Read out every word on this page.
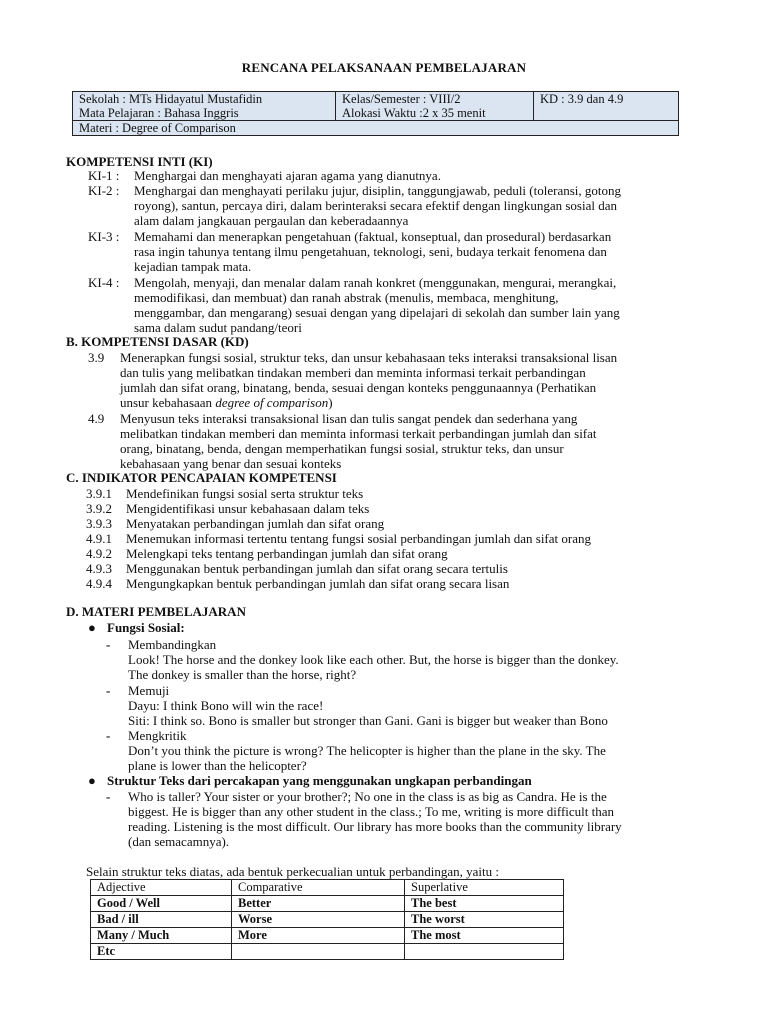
RENCANA PELAKSANAAN PEMBELAJARAN
Sekolah : MTs Hidayatul Mustafidin	Kelas/Semester : VIII/2	KD : 3.9 dan 4.9
Mata Pelajaran : Bahasa Inggris	Alokasi Waktu :2 x 35 menit	
Materi : Degree of Comparison		
KOMPETENSI INTI (KI)
KI-1 : Menghargai dan menghayati ajaran agama yang dianutnya.
KI-2 : Menghargai dan menghayati perilaku jujur, disiplin, tanggungjawab, peduli (toleransi, gotong
royong), santun, percaya diri, dalam berinteraksi secara efektif dengan lingkungan sosial dan
alam dalam jangkauan pergaulan dan keberadaannya
KI-3 : Memahami dan menerapkan pengetahuan (faktual, konseptual, dan prosedural) berdasarkan
rasa ingin tahunya tentang ilmu pengetahuan, teknologi, seni, budaya terkait fenomena dan
kejadian tampak mata.
KI-4 : Mengolah, menyaji, dan menalar dalam ranah konkret (menggunakan, mengurai, merangkai,
memodifikasi, dan membuat) dan ranah abstrak (menulis, membaca, menghitung,
menggambar, dan mengarang) sesuai dengan yang dipelajari di sekolah dan sumber lain yang
sama dalam sudut pandang/teori
B. KOMPETENSI DASAR (KD)
3.9 Menerapkan fungsi sosial, struktur teks, dan unsur kebahasaan teks interaksi transaksional lisan
dan tulis yang melibatkan tindakan memberi dan meminta informasi terkait perbandingan
jumlah dan sifat orang, binatang, benda, sesuai dengan konteks penggunaannya (Perhatikan
unsur kebahasaan degree of comparison)
4.9 Menyusun teks interaksi transaksional lisan dan tulis sangat pendek dan sederhana yang
melibatkan tindakan memberi dan meminta informasi terkait perbandingan jumlah dan sifat
orang, binatang, benda, dengan memperhatikan fungsi sosial, struktur teks, dan unsur
kebahasaan yang benar dan sesuai konteks
C. INDIKATOR PENCAPAIAN KOMPETENSI
3.9.1 Mendefinikan fungsi sosial serta struktur teks
3.9.2 Mengidentifikasi unsur kebahasaan dalam teks
3.9.3 Menyatakan perbandingan jumlah dan sifat orang
4.9.1 Menemukan informasi tertentu tentang fungsi sosial perbandingan jumlah dan sifat orang
4.9.2 Melengkapi teks tentang perbandingan jumlah dan sifat orang
4.9.3 Menggunakan bentuk perbandingan jumlah dan sifat orang secara tertulis
4.9.4 Mengungkapkan bentuk perbandingan jumlah dan sifat orang secara lisan
D. MATERI PEMBELAJARAN
● Fungsi Sosial:
- Membandingkan
Look! The horse and the donkey look like each other. But, the horse is bigger than the donkey.
The donkey is smaller than the horse, right?
- Memuji
Dayu: I think Bono will win the race!
Siti: I think so. Bono is smaller but stronger than Gani. Gani is bigger but weaker than Bono
- Mengkritik
Don’t you think the picture is wrong? The helicopter is higher than the plane in the sky. The
plane is lower than the helicopter?
● Struktur Teks dari percakapan yang menggunakan ungkapan perbandingan
- Who is taller? Your sister or your brother?; No one in the class is as big as Candra. He is the
biggest. He is bigger than any other student in the class.; To me, writing is more difficult than
reading. Listening is the most difficult. Our library has more books than the community library
(dan semacamnya).
Selain struktur teks diatas, ada bentuk perkecualian untuk perbandingan, yaitu :
Adjective	Comparative	Superlative
Good / Well	Better	The best
Bad / ill	Worse	The worst
Many / Much	More	The most
Etc		
